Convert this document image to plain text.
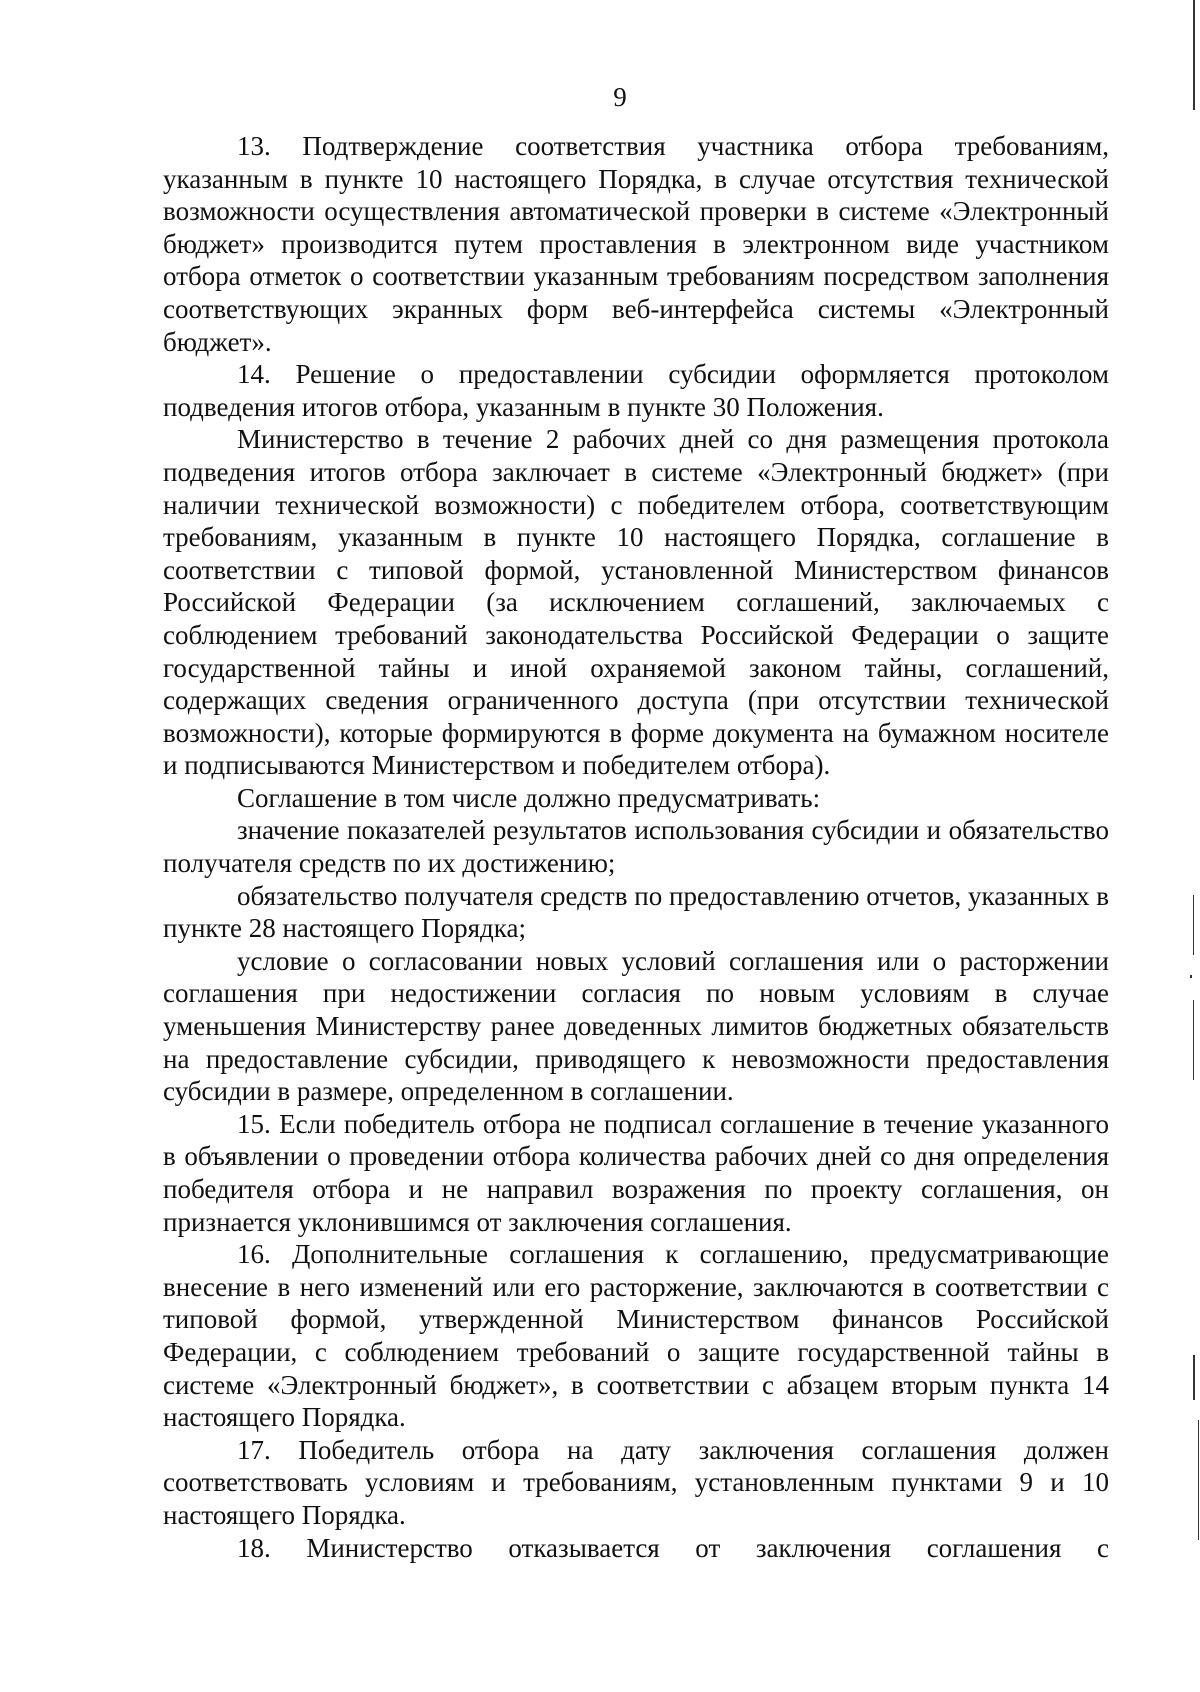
9

13. Подтверждение соответствия участника отбора требованиям, указанным в пункте 10 настоящего Порядка, в случае отсутствия технической возможности осуществления автоматической проверки в системе «Электронный бюджет» производится путем проставления в электронном виде участником отбора отметок о соответствии указанным требованиям посредством заполнения соответствующих экранных форм веб-интерфейса системы «Электронный бюджет».

14. Решение о предоставлении субсидии оформляется протоколом подведения итогов отбора, указанным в пункте 30 Положения.

Министерство в течение 2 рабочих дней со дня размещения протокола подведения итогов отбора заключает в системе «Электронный бюджет» (при наличии технической возможности) с победителем отбора, соответствующим требованиям, указанным в пункте 10 настоящего Порядка, соглашение в соответствии с типовой формой, установленной Министерством финансов Российской Федерации (за исключением соглашений, заключаемых с соблюдением требований законодательства Российской Федерации о защите государственной тайны и иной охраняемой законом тайны, соглашений, содержащих сведения ограниченного доступа (при отсутствии технической возможности), которые формируются в форме документа на бумажном носителе и подписываются Министерством и победителем отбора).

Соглашение в том числе должно предусматривать:

значение показателей результатов использования субсидии и обязательство получателя средств по их достижению;

обязательство получателя средств по предоставлению отчетов, указанных в пункте 28 настоящего Порядка;

условие о согласовании новых условий соглашения или о расторжении соглашения при недостижении согласия по новым условиям в случае уменьшения Министерству ранее доведенных лимитов бюджетных обязательств на предоставление субсидии, приводящего к невозможности предоставления субсидии в размере, определенном в соглашении.

15. Если победитель отбора не подписал соглашение в течение указанного в объявлении о проведении отбора количества рабочих дней со дня определения победителя отбора и не направил возражения по проекту соглашения, он признается уклонившимся от заключения соглашения.

16. Дополнительные соглашения к соглашению, предусматривающие внесение в него изменений или его расторжение, заключаются в соответствии с типовой формой, утвержденной Министерством финансов Российской Федерации, с соблюдением требований о защите государственной тайны в системе «Электронный бюджет», в соответствии с абзацем вторым пункта 14 настоящего Порядка.

17. Победитель отбора на дату заключения соглашения должен соответствовать условиям и требованиям, установленным пунктами 9 и 10 настоящего Порядка.

18. Министерство отказывается от заключения соглашения с
